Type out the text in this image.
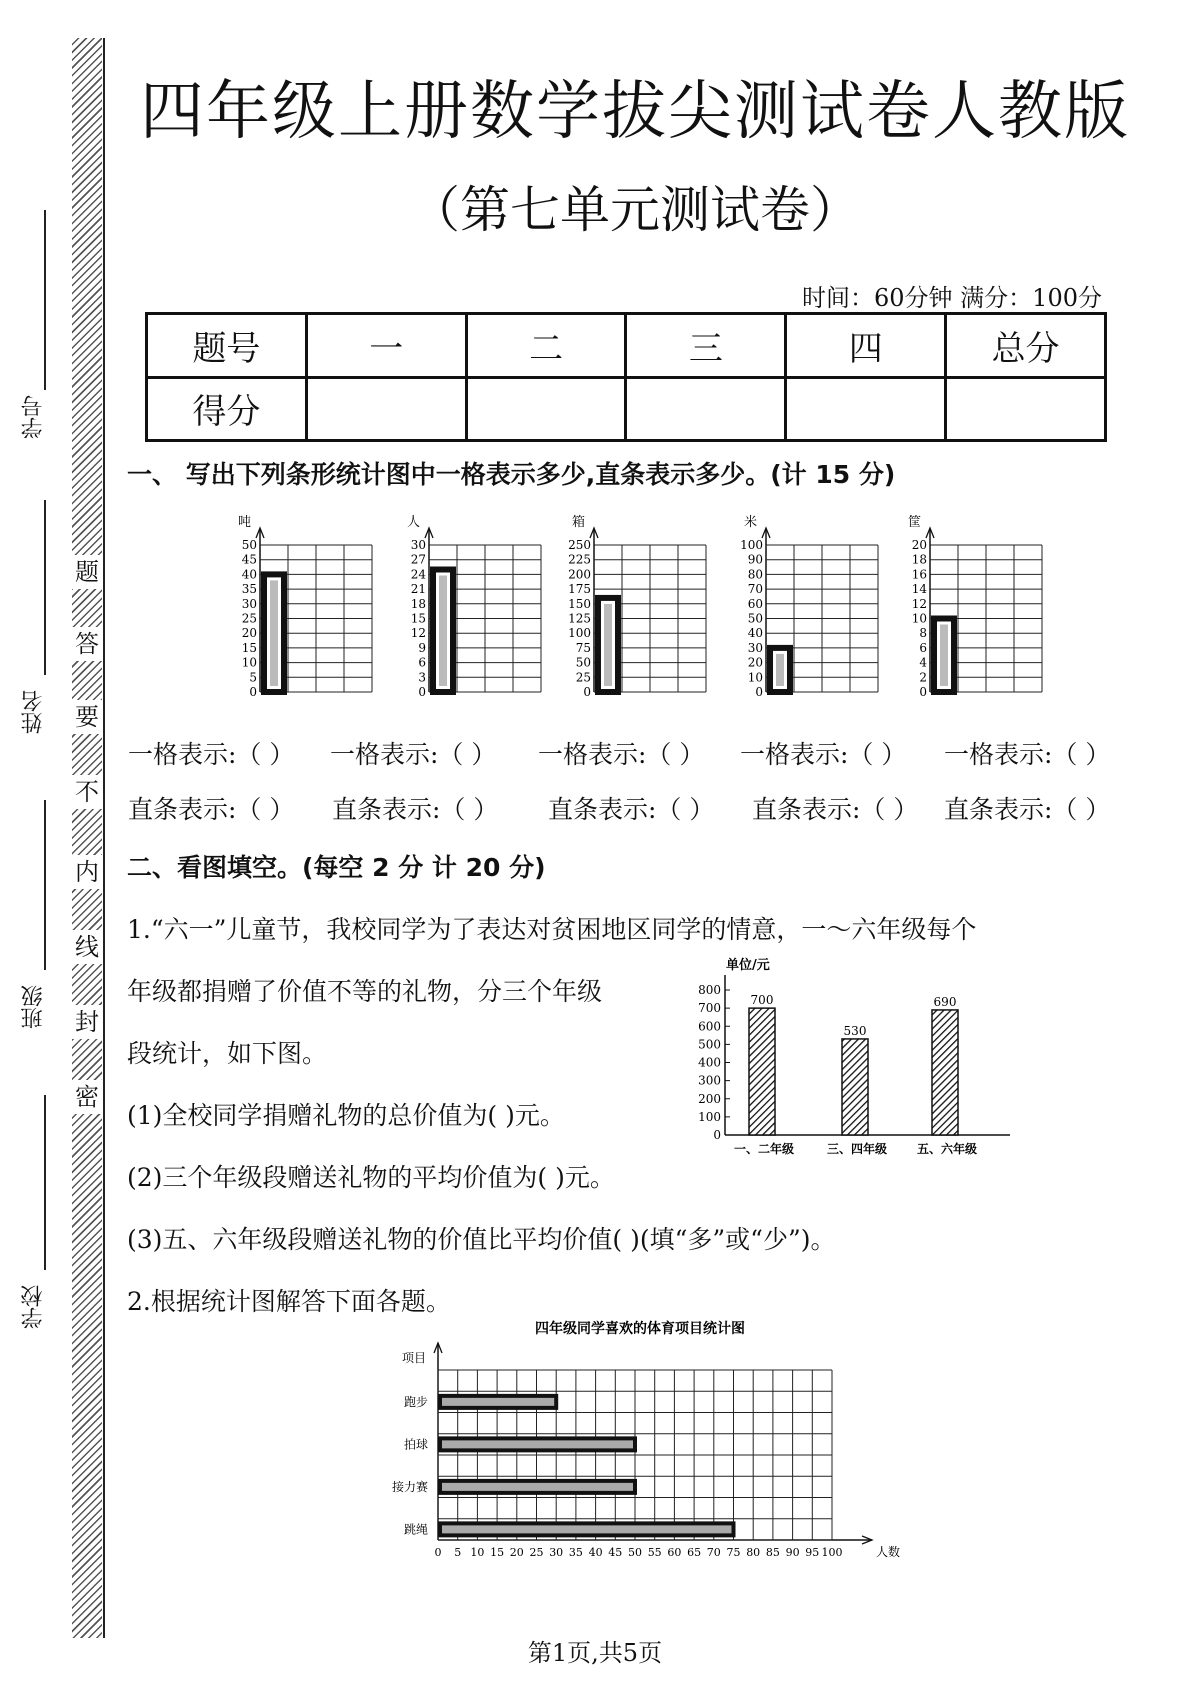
学号
姓名
班级
学校
题
答
要
不
内
线
封
密
四年级上册数学拔尖测试卷人教版
（第七单元测试卷）
时间：60分钟 满分：100分
题号	一	二	三	四	总分
得分					
一、 写出下列条形统计图中一格表示多少,直条表示多少。(计 15 分)
吨
0
5
10
15
20
25
30
35
40
45
50
人
0
3
6
9
12
15
18
21
24
27
30
箱
0
25
50
75
100
125
150
175
200
225
250
米
0
10
20
30
40
50
60
70
80
90
100
筐
0
2
4
6
8
10
12
14
16
18
20
一格表示:（ ） 一格表示:（ ） 一格表示:（ ） 一格表示:（ ） 一格表示:（ ）
直条表示:（ ） 直条表示:（ ） 直条表示:（ ） 直条表示:（ ） 直条表示:（ ）
二、看图填空。(每空 2 分 计 20 分)
1.“六一”儿童节，我校同学为了表达对贫困地区同学的情意，一～六年级每个
年级都捐赠了价值不等的礼物，分三个年级
段统计，如下图。
(1)全校同学捐赠礼物的总价值为( )元。
(2)三个年级段赠送礼物的平均价值为( )元。
(3)五、六年级段赠送礼物的价值比平均价值( )(填“多”或“少”)。
2.根据统计图解答下面各题。
单位/元
0
100
200
300
400
500
600
700
800
700
一、二年级
530
三、四年级
690
五、六年级
四年级同学喜欢的体育项目统计图
项目
人数
0 5 10 15 20 25 30 35 40 45 50 55 60 65 70 75 80 85 90 95 100
跑步
拍球
接力赛
跳绳
第1页,共5页
